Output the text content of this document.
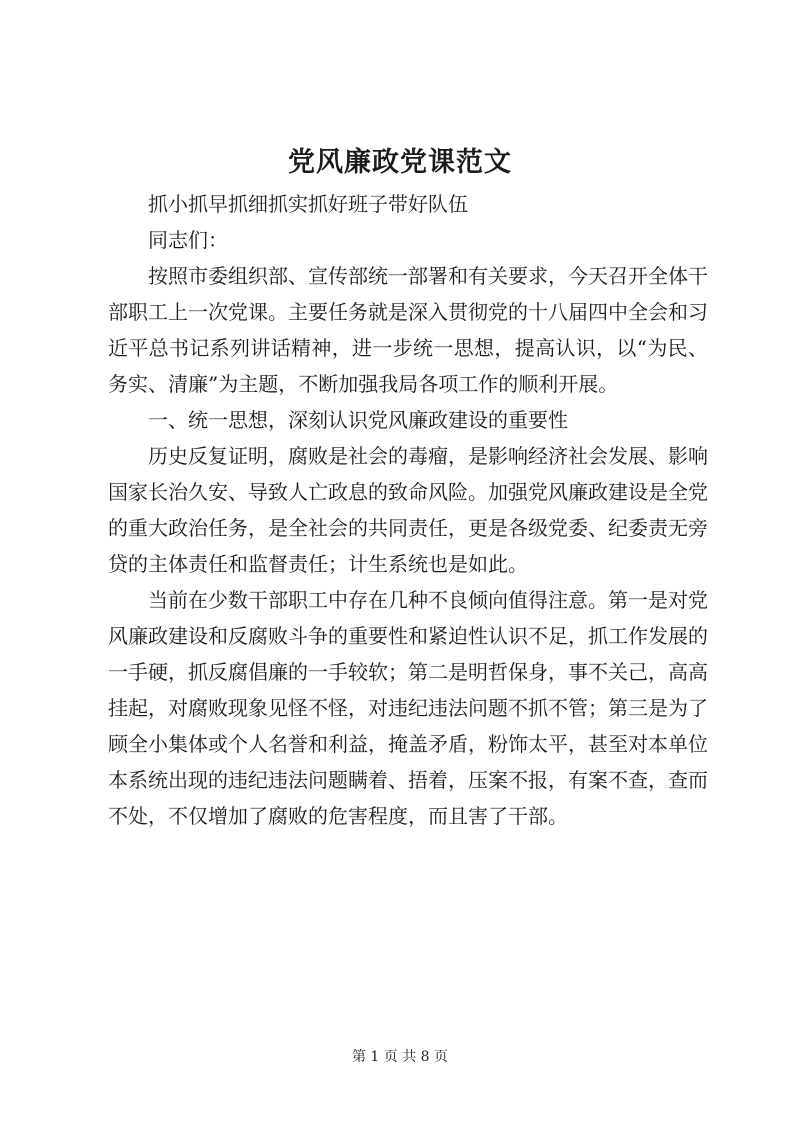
党风廉政党课范文

抓小抓早抓细抓实抓好班子带好队伍

同志们：

按照市委组织部、宣传部统一部署和有关要求，今天召开全体干部职工上一次党课。主要任务就是深入贯彻党的十八届四中全会和习近平总书记系列讲话精神，进一步统一思想，提高认识，以“为民、务实、清廉”为主题，不断加强我局各项工作的顺利开展。

一、统一思想，深刻认识党风廉政建设的重要性

历史反复证明，腐败是社会的毒瘤，是影响经济社会发展、影响国家长治久安、导致人亡政息的致命风险。加强党风廉政建设是全党的重大政治任务，是全社会的共同责任，更是各级党委、纪委责无旁贷的主体责任和监督责任；计生系统也是如此。

当前在少数干部职工中存在几种不良倾向值得注意。第一是对党风廉政建设和反腐败斗争的重要性和紧迫性认识不足，抓工作发展的一手硬，抓反腐倡廉的一手较软；第二是明哲保身，事不关己，高高挂起，对腐败现象见怪不怪，对违纪违法问题不抓不管；第三是为了顾全小集体或个人名誉和利益，掩盖矛盾，粉饰太平，甚至对本单位本系统出现的违纪违法问题瞒着、捂着，压案不报，有案不查，查而不处，不仅增加了腐败的危害程度，而且害了干部。

第 1 页 共 8 页
